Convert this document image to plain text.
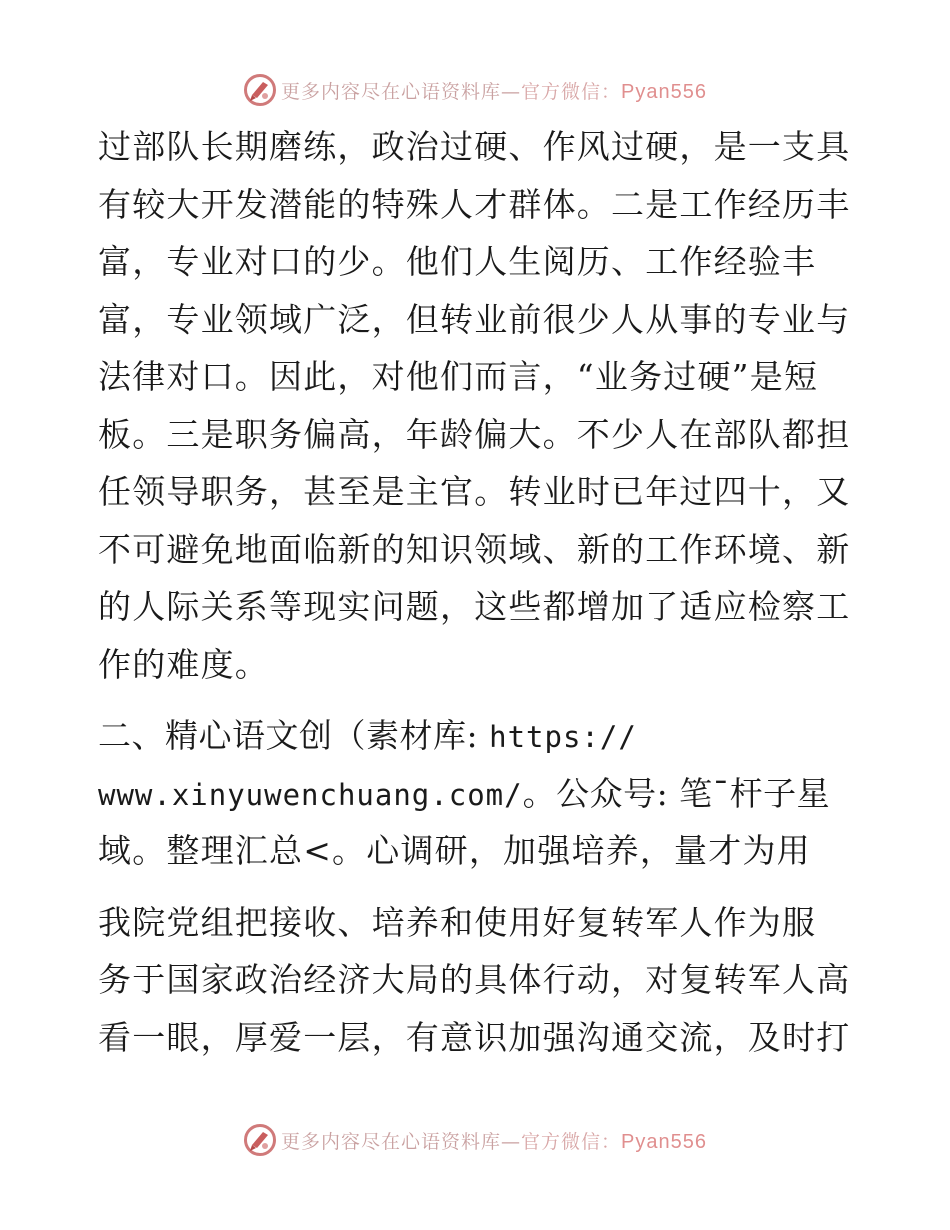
更多内容尽在心语资料库—官方微信：Pyan556
过部队长期磨练，政治过硬、作风过硬，是一支具
有较大开发潜能的特殊人才群体。二是工作经历丰
富，专业对口的少。他们人生阅历、工作经验丰
富，专业领域广泛，但转业前很少人从事的专业与
法律对口。因此，对他们而言，“业务过硬”是短
板。三是职务偏高，年龄偏大。不少人在部队都担
任领导职务，甚至是主官。转业时已年过四十，又
不可避免地面临新的知识领域、新的工作环境、新
的人际关系等现实问题，这些都增加了适应检察工
作的难度。
二、精心语文创（素材库: https://
www.xinyuwenchuang.com/。公众号: 笔¯杆子星
域。整理汇总<。心调研，加强培养，量才为用
我院党组把接收、培养和使用好复转军人作为服
务于国家政治经济大局的具体行动，对复转军人高
看一眼，厚爱一层，有意识加强沟通交流，及时打
更多内容尽在心语资料库—官方微信：Pyan556
